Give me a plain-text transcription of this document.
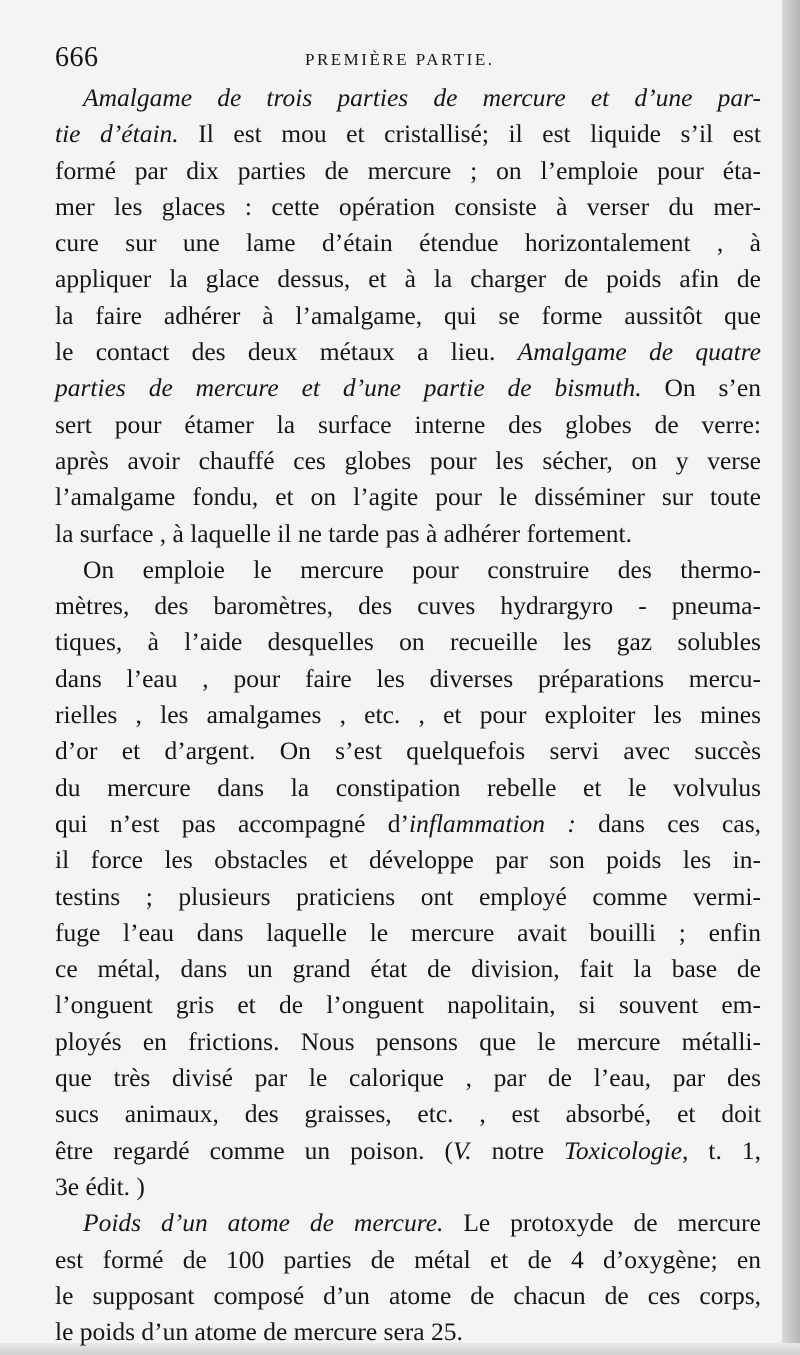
666	PREMIÈRE PARTIE.
Amalgame de trois parties de mercure et d’une par-
tie d’étain. Il est mou et cristallisé; il est liquide s’il est
formé par dix parties de mercure ; on l’emploie pour éta-
mer les glaces : cette opération consiste à verser du mer-
cure sur une lame d’étain étendue horizontalement , à
appliquer la glace dessus, et à la charger de poids afin de
la faire adhérer à l’amalgame, qui se forme aussitôt que
le contact des deux métaux a lieu. Amalgame de quatre
parties de mercure et d’une partie de bismuth. On s’en
sert pour étamer la surface interne des globes de verre:
après avoir chauffé ces globes pour les sécher, on y verse
l’amalgame fondu, et on l’agite pour le disséminer sur toute
la surface , à laquelle il ne tarde pas à adhérer fortement.
On emploie le mercure pour construire des thermo-
mètres, des baromètres, des cuves hydrargyro - pneuma-
tiques, à l’aide desquelles on recueille les gaz solubles
dans l’eau , pour faire les diverses préparations mercu-
rielles , les amalgames , etc. , et pour exploiter les mines
d’or et d’argent. On s’est quelquefois servi avec succès
du mercure dans la constipation rebelle et le volvulus
qui n’est pas accompagné d’inflammation : dans ces cas,
il force les obstacles et développe par son poids les in-
testins ; plusieurs praticiens ont employé comme vermi-
fuge l’eau dans laquelle le mercure avait bouilli ; enfin
ce métal, dans un grand état de division, fait la base de
l’onguent gris et de l’onguent napolitain, si souvent em-
ployés en frictions. Nous pensons que le mercure métalli-
que très divisé par le calorique , par de l’eau, par des
sucs animaux, des graisses, etc. , est absorbé, et doit
être regardé comme un poison. (V. notre Toxicologie, t. 1,
3e édit. )
Poids d’un atome de mercure. Le protoxyde de mercure
est formé de 100 parties de métal et de 4 d’oxygène; en
le supposant composé d’un atome de chacun de ces corps,
le poids d’un atome de mercure sera 25.
